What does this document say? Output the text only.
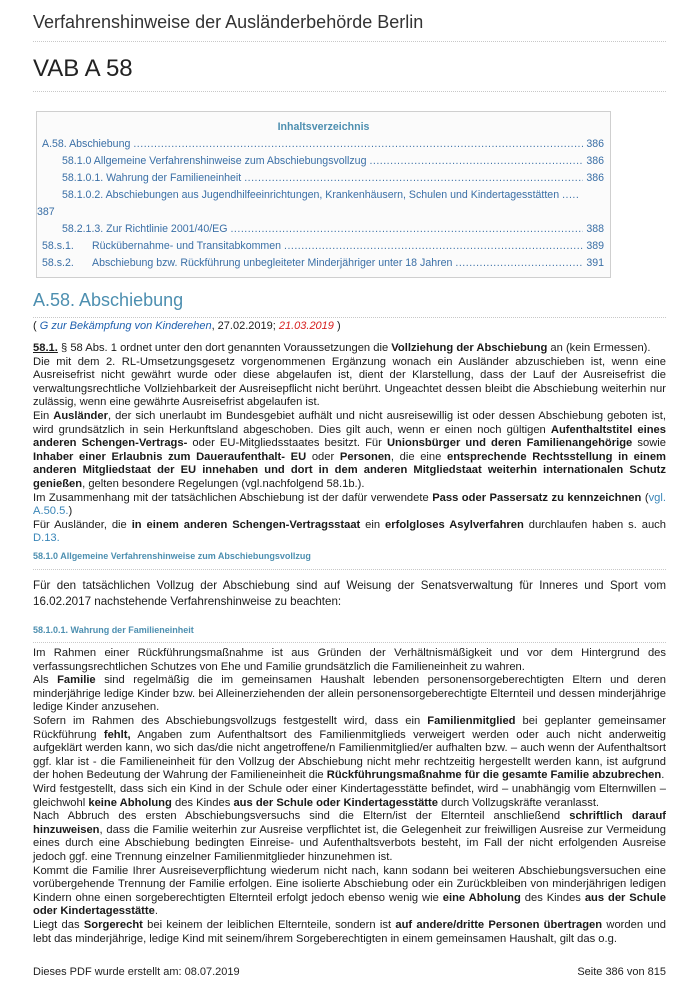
Verfahrenshinweise der Ausländerbehörde Berlin
VAB A 58
Inhaltsverzeichnis
A.58. Abschiebung .....	386
58.1.0 Allgemeine Verfahrenshinweise zum Abschiebungsvollzug .....	386
58.1.0.1. Wahrung der Familieneinheit .....	386
58.1.0.2. Abschiebungen aus Jugendhilfeeinrichtungen, Krankenhäusern, Schulen und Kindertagesstätten .....
387
58.2.1.3. Zur Richtlinie 2001/40/EG .....	388
58.s.1. Rückübernahme- und Transitabkommen .....	389
58.s.2. Abschiebung bzw. Rückführung unbegleiteter Minderjähriger unter 18 Jahren .....	391
A.58. Abschiebung
( G zur Bekämpfung von Kinderehen, 27.02.2019; 21.03.2019 )

58.1. § 58 Abs. 1 ordnet unter den dort genannten Voraussetzungen die Vollziehung der Abschiebung an (kein Ermessen).

Die mit dem 2. RL-Umsetzungsgesetz vorgenommenen Ergänzung wonach ein Ausländer abzuschieben ist, wenn eine Ausreisefrist nicht gewährt wurde oder diese abgelaufen ist, dient der Klarstellung, dass der Lauf der Ausreisefrist die verwaltungsrechtliche Vollziehbarkeit der Ausreisepflicht nicht berührt. Ungeachtet dessen bleibt die Abschiebung weiterhin nur zulässig, wenn eine gewährte Ausreisefrist abgelaufen ist.

Ein Ausländer, der sich unerlaubt im Bundesgebiet aufhält und nicht ausreisewillig ist oder dessen Abschiebung geboten ist, wird grundsätzlich in sein Herkunftsland abgeschoben. Dies gilt auch, wenn er einen noch gültigen Aufenthaltstitel eines anderen Schengen-Vertrags- oder EU-Mitgliedsstaates besitzt. Für Unionsbürger und deren Familienangehörige sowie Inhaber einer Erlaubnis zum Daueraufenthalt- EU oder Personen, die eine entsprechende Rechtsstellung in einem anderen Mitgliedstaat der EU innehaben und dort in dem anderen Mitgliedstaat weiterhin internationalen Schutz genießen, gelten besondere Regelungen (vgl.nachfolgend 58.1b.).

Im Zusammenhang mit der tatsächlichen Abschiebung ist der dafür verwendete Pass oder Passersatz zu kennzeichnen (vgl. A.50.5.)

Für Ausländer, die in einem anderen Schengen-Vertragsstaat ein erfolgloses Asylverfahren durchlaufen haben s. auch D.13.

58.1.0 Allgemeine Verfahrenshinweise zum Abschiebungsvollzug

Für den tatsächlichen Vollzug der Abschiebung sind auf Weisung der Senatsverwaltung für Inneres und Sport vom 16.02.2017 nachstehende Verfahrenshinweise zu beachten:

58.1.0.1. Wahrung der Familieneinheit

Im Rahmen einer Rückführungsmaßnahme ist aus Gründen der Verhältnismäßigkeit und vor dem Hintergrund des verfassungsrechtlichen Schutzes von Ehe und Familie grundsätzlich die Familieneinheit zu wahren.

Als Familie sind regelmäßig die im gemeinsamen Haushalt lebenden personensorgeberechtigten Eltern und deren minderjährige ledige Kinder bzw. bei Alleinerziehenden der allein personensorgeberechtigte Elternteil und dessen minderjährige ledige Kinder anzusehen.

Sofern im Rahmen des Abschiebungsvollzugs festgestellt wird, dass ein Familienmitglied bei geplanter gemeinsamer Rückführung fehlt, Angaben zum Aufenthaltsort des Familienmitglieds verweigert werden oder auch nicht anderweitig aufgeklärt werden kann, wo sich das/die nicht angetroffene/n Familienmitglied/er aufhalten bzw. – auch wenn der Aufenthaltsort ggf. klar ist - die Familieneinheit für den Vollzug der Abschiebung nicht mehr rechtzeitig hergestellt werden kann, ist aufgrund der hohen Bedeutung der Wahrung der Familieneinheit die Rückführungsmaßnahme für die gesamte Familie abzubrechen.

Wird festgestellt, dass sich ein Kind in der Schule oder einer Kindertagesstätte befindet, wird – unabhängig vom Elternwillen – gleichwohl keine Abholung des Kindes aus der Schule oder Kindertagesstätte durch Vollzugskräfte veranlasst.

Nach Abbruch des ersten Abschiebungsversuchs sind die Eltern/ist der Elternteil anschließend schriftlich darauf hinzuweisen, dass die Familie weiterhin zur Ausreise verpflichtet ist, die Gelegenheit zur freiwilligen Ausreise zur Vermeidung eines durch eine Abschiebung bedingten Einreise- und Aufenthaltsverbots besteht, im Fall der nicht erfolgenden Ausreise jedoch ggf. eine Trennung einzelner Familienmitglieder hinzunehmen ist.

Kommt die Familie Ihrer Ausreiseverpflichtung wiederum nicht nach, kann sodann bei weiteren Abschiebungsversuchen eine vorübergehende Trennung der Familie erfolgen. Eine isolierte Abschiebung oder ein Zurückbleiben von minderjährigen ledigen Kindern ohne einen sorgeberechtigten Elternteil erfolgt jedoch ebenso wenig wie eine Abholung des Kindes aus der Schule oder Kindertagesstätte.

Liegt das Sorgerecht bei keinem der leiblichen Elternteile, sondern ist auf andere/dritte Personen übertragen worden und lebt das minderjährige, ledige Kind mit seinem/ihrem Sorgeberechtigten in einem gemeinsamen Haushalt, gilt das o.g.

Dieses PDF wurde erstellt am: 08.07.2019	Seite 386 von 815
